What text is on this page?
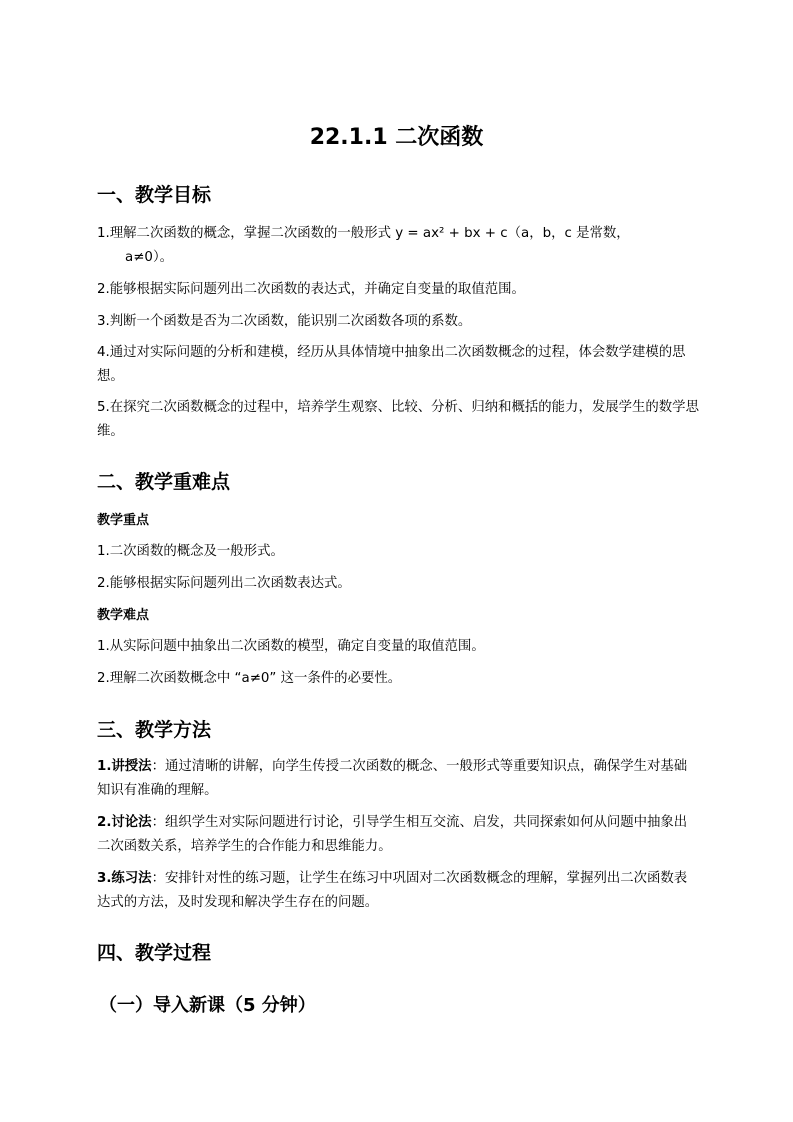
22.1.1 二次函数
一、教学目标
1.理解二次函数的概念，掌握二次函数的一般形式 y = ax² + bx + c（a，b，c 是常数，
a≠0）。
2.能够根据实际问题列出二次函数的表达式，并确定自变量的取值范围。
3.判断一个函数是否为二次函数，能识别二次函数各项的系数。
4.通过对实际问题的分析和建模，经历从具体情境中抽象出二次函数概念的过程，体会数学建模的思想。
5.在探究二次函数概念的过程中，培养学生观察、比较、分析、归纳和概括的能力，发展学生的数学思维。
二、教学重难点
教学重点
1.二次函数的概念及一般形式。
2.能够根据实际问题列出二次函数表达式。
教学难点
1.从实际问题中抽象出二次函数的模型，确定自变量的取值范围。
2.理解二次函数概念中 “a≠0” 这一条件的必要性。
三、教学方法
1.讲授法：通过清晰的讲解，向学生传授二次函数的概念、一般形式等重要知识点，确保学生对基础知识有准确的理解。
2.讨论法：组织学生对实际问题进行讨论，引导学生相互交流、启发，共同探索如何从问题中抽象出二次函数关系，培养学生的合作能力和思维能力。
3.练习法：安排针对性的练习题，让学生在练习中巩固对二次函数概念的理解，掌握列出二次函数表达式的方法，及时发现和解决学生存在的问题。
四、教学过程
（一）导入新课（5 分钟）
